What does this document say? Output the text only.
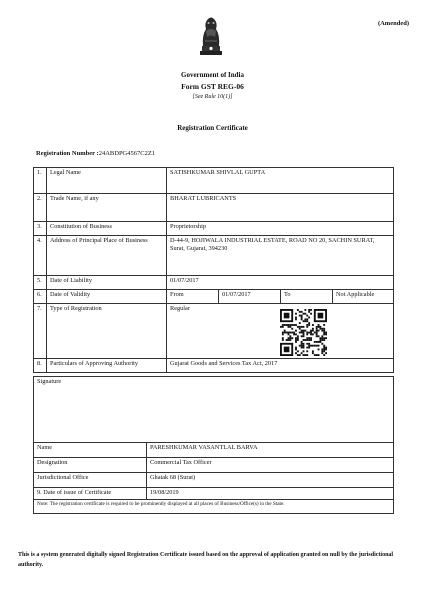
(Amended)
Government of India
Form GST REG-06
[See Rule 10(1)]
Registration Certificate
Registration Number :24ABDPG4567C2Z1
1.	Legal Name	SATISHKUMAR SHIVLAL GUPTA			
2.	Trade Name, if any	BHARAT LUBRICANTS			
3.	Constitution of Business	Proprietorship			
4.	Address of Principal Place of Business	D-44-9, HOJIWALA INDUSTRIAL ESTATE, ROAD NO 20, SACHIN SURAT, Surat, Gujarat, 394230			
5.	Date of Liability	01/07/2017			
6.	Date of Validity	From	01/07/2017	To	Not Applicable
7.	Type of Registration	Regular			
8.	Particulars of Approving Authority	Gujarat Goods and Services Tax Act, 2017			
Signature	
Name	PARESHKUMAR VASANTLAL BARVA
Designation	Commercial Tax Officer
Jurisdictional Office	Ghatak 68 (Surat)
9. Date of issue of Certificate	19/08/2019
Note: The registration certificate is required to be prominently displayed at all places of Business/Office(s) in the State.	
This is a system generated digitally signed Registration Certificate issued based on the approval of application granted on null by the jurisdictional authority.
